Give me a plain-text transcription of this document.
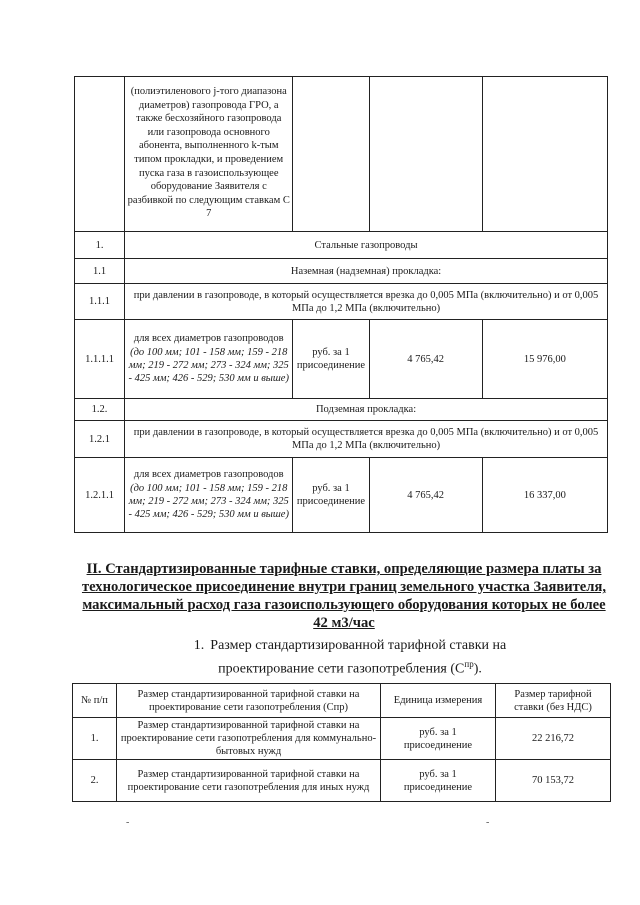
	(полиэтиленового j-того диапазона диаметров) газопровода ГРО, а также бесхозяйного газопровода или газопровода основного абонента, выполненного k-тым типом прокладки, и проведением пуска газа в газоиспользующее оборудование Заявителя с разбивкой по следующим ставкам С 7			
1.	Стальные газопроводы			
1.1	Наземная (надземная) прокладка:			
1.1.1	при давлении в газопроводе, в который осуществляется врезка до 0,005 МПа (включительно) и от 0,005 МПа до 1,2 МПа (включительно)			
1.1.1.1	для всех диаметров газопроводов (до 100 мм; 101 - 158 мм; 159 - 218 мм; 219 - 272 мм; 273 - 324 мм; 325 - 425 мм; 426 - 529; 530 мм и выше)	руб. за 1 присоединение	4 765,42	15 976,00
1.2.	Подземная прокладка:			
1.2.1	при давлении в газопроводе, в который осуществляется врезка до 0,005 МПа (включительно) и от 0,005 МПа до 1,2 МПа (включительно)			
1.2.1.1	для всех диаметров газопроводов (до 100 мм; 101 - 158 мм; 159 - 218 мм; 219 - 272 мм; 273 - 324 мм; 325 - 425 мм; 426 - 529; 530 мм и выше)	руб. за 1 присоединение	4 765,42	16 337,00
II. Стандартизированные тарифные ставки, определяющие размера платы за технологическое присоединение внутри границ земельного участка Заявителя, максимальный расход газа газоиспользующего оборудования которых не более 42 м3/час
1. Размер стандартизированной тарифной ставки на проектирование сети газопотребления $(С^{пр})$.
№ п/п	Размер стандартизированной тарифной ставки на проектирование сети газопотребления (Спр)	Единица измерения	Размер тарифной ставки (без НДС)
1.	Размер стандартизированной тарифной ставки на проектирование сети газопотребления для коммунально-бытовых нужд	руб. за 1 присоединение	22 216,72
2.	Размер стандартизированной тарифной ставки на проектирование сети газопотребления для иных нужд	руб. за 1 присоединение	70 153,72
-	-
